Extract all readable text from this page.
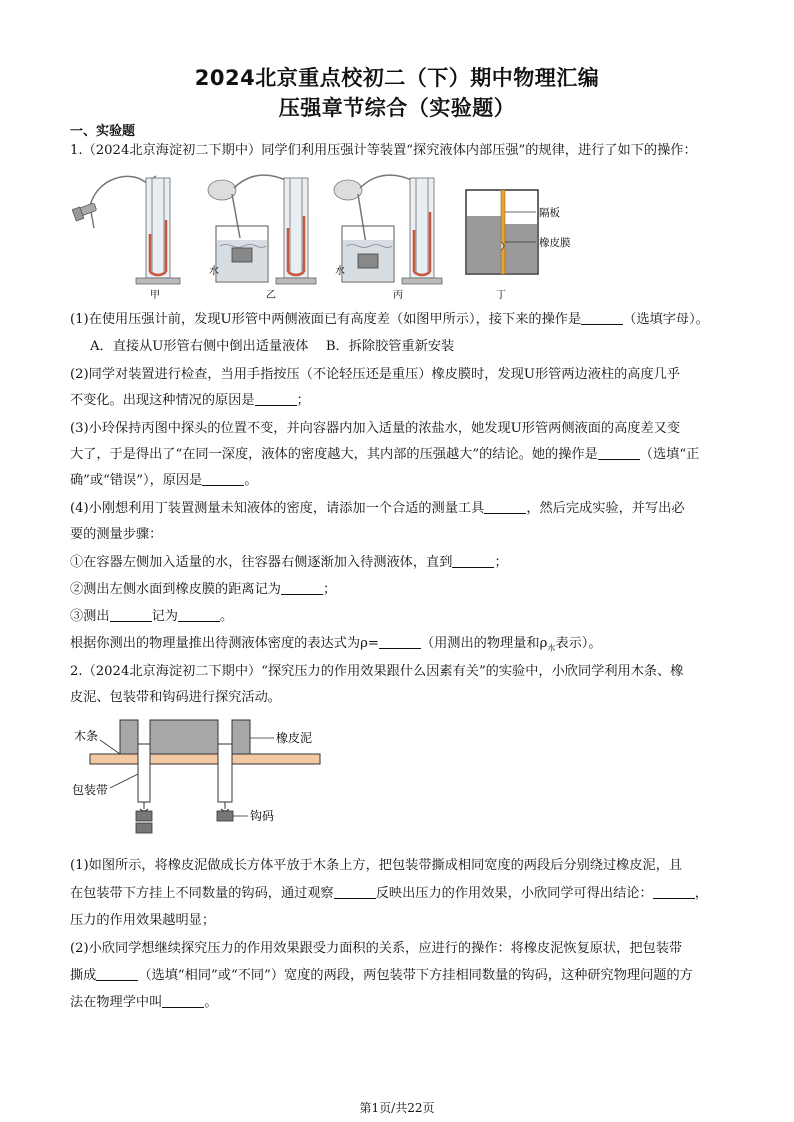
2024北京重点校初二（下）期中物理汇编
压强章节综合（实验题）
一、实验题
1.（2024北京海淀初二下期中）同学们利用压强计等装置“探究液体内部压强”的规律，进行了如下的操作：
甲
水
乙
水
丙
隔板
橡皮膜
丁
(1)在使用压强计前，发现U形管中两侧液面已有高度差（如图甲所示），接下来的操作是	（选填字母）。
A．直接从U形管右侧中倒出适量液体　 B．拆除胶管重新安装
(2)同学对装置进行检查，当用手指按压（不论轻压还是重压）橡皮膜时，发现U形管两边液柱的高度几乎
不变化。出现这种情况的原因是	；
(3)小玲保持丙图中探头的位置不变，并向容器内加入适量的浓盐水，她发现U形管两侧液面的高度差又变
大了，于是得出了“在同一深度，液体的密度越大，其内部的压强越大”的结论。她的操作是	（选填“正
确”或“错误”），原因是	。
(4)小刚想利用丁装置测量未知液体的密度，请添加一个合适的测量工具	，然后完成实验，并写出必
要的测量步骤：
①在容器左侧加入适量的水，往容器右侧逐渐加入待测液体，直到	；
②测出左侧水面到橡皮膜的距离记为	；
③测出	记为	。
根据你测出的物理量推出待测液体密度的表达式为ρ=	（用测出的物理量和$\rho_水$表示）。
2.（2024北京海淀初二下期中）“探究压力的作用效果跟什么因素有关”的实验中，小欣同学利用木条、橡
皮泥、包装带和钩码进行探究活动。
木条	橡皮泥
包装带
钩码
(1)如图所示，将橡皮泥做成长方体平放于木条上方，把包装带撕成相同宽度的两段后分别绕过橡皮泥，且
在包装带下方挂上不同数量的钩码，通过观察	反映出压力的作用效果，小欣同学可得出结论：	，
压力的作用效果越明显；
(2)小欣同学想继续探究压力的作用效果跟受力面积的关系，应进行的操作：将橡皮泥恢复原状，把包装带
撕成	（选填“相同”或“不同”）宽度的两段，两包装带下方挂相同数量的钩码，这种研究物理问题的方
法在物理学中叫	。
第1页/共22页
